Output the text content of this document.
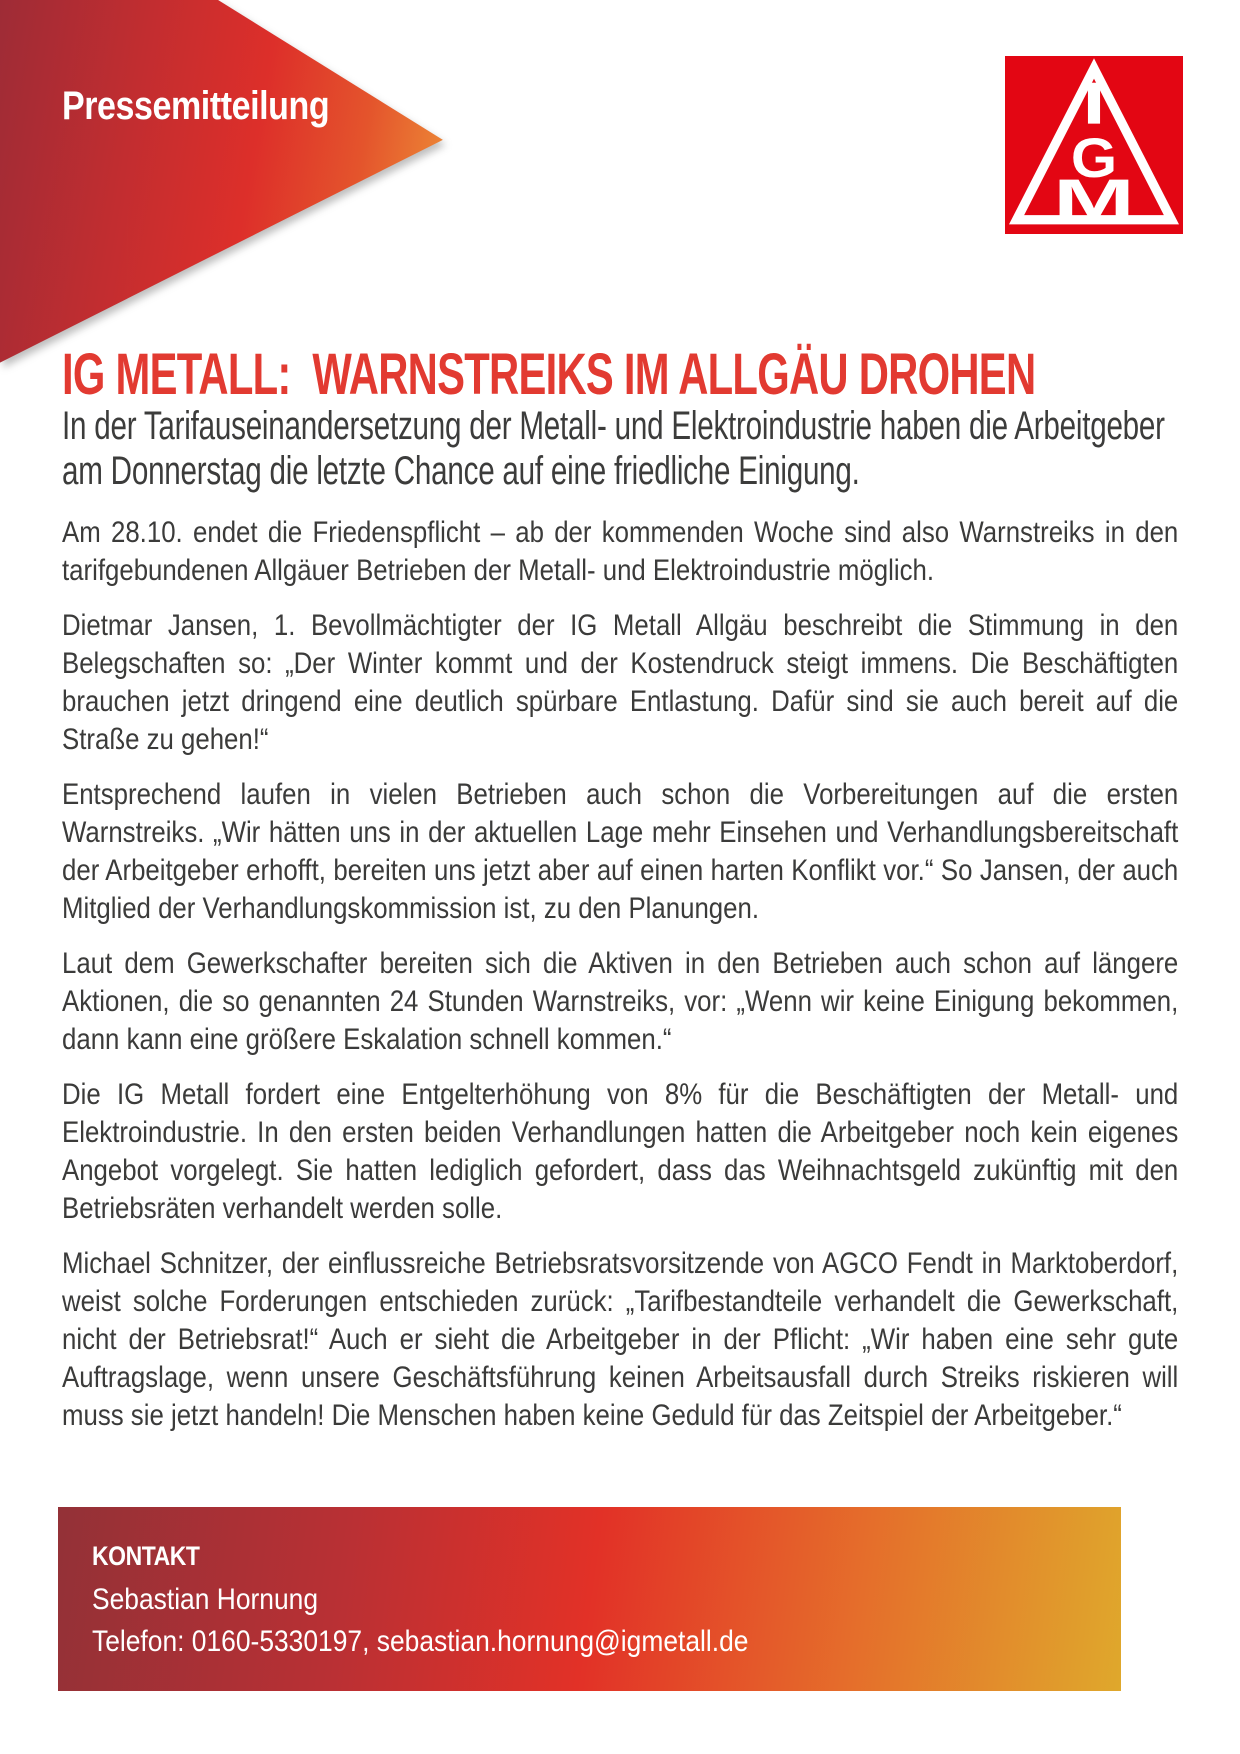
Pressemitteilung
G
M
IG METALL:  WARNSTREIKS IM ALLGÄU DROHEN
In der Tarifauseinandersetzung der Metall- und Elektroindustrie haben die Arbeitgeber am Donnerstag die letzte Chance auf eine friedliche Einigung.
Am 28.10. endet die Friedenspflicht – ab der kommenden Woche sind also Warnstreiks in den tarifgebundenen Allgäuer Betrieben der Metall- und Elektroindustrie möglich.
Dietmar Jansen, 1. Bevollmächtigter der IG Metall Allgäu beschreibt die Stimmung in den Belegschaften so: „Der Winter kommt und der Kostendruck steigt immens. Die Beschäftigten brauchen jetzt dringend eine deutlich spürbare Entlastung. Dafür sind sie auch bereit auf die Straße zu gehen!“
Entsprechend laufen in vielen Betrieben auch schon die Vorbereitungen auf die ersten Warnstreiks. „Wir hätten uns in der aktuellen Lage mehr Einsehen und Verhandlungsbereitschaft der Arbeitgeber erhofft, bereiten uns jetzt aber auf einen harten Konflikt vor.“ So Jansen, der auch Mitglied der Verhandlungskommission ist, zu den Planungen.
Laut dem Gewerkschafter bereiten sich die Aktiven in den Betrieben auch schon auf längere Aktionen, die so genannten 24 Stunden Warnstreiks, vor: „Wenn wir keine Einigung bekommen, dann kann eine größere Eskalation schnell kommen.“
Die IG Metall fordert eine Entgelterhöhung von 8% für die Beschäftigten der Metall- und Elektroindustrie. In den ersten beiden Verhandlungen hatten die Arbeitgeber noch kein eigenes Angebot vorgelegt. Sie hatten lediglich gefordert, dass das Weihnachtsgeld zukünftig mit den Betriebsräten verhandelt werden solle.
Michael Schnitzer, der einflussreiche Betriebsratsvorsitzende von AGCO Fendt in Marktoberdorf, weist solche Forderungen entschieden zurück: „Tarifbestandteile verhandelt die Gewerkschaft, nicht der Betriebsrat!“ Auch er sieht die Arbeitgeber in der Pflicht: „Wir haben eine sehr gute Auftragslage, wenn unsere Geschäftsführung keinen Arbeitsausfall durch Streiks riskieren will muss sie jetzt handeln! Die Menschen haben keine Geduld für das Zeitspiel der Arbeitgeber.“
KONTAKT
Sebastian Hornung
Telefon: 0160-5330197, sebastian.hornung@igmetall.de
